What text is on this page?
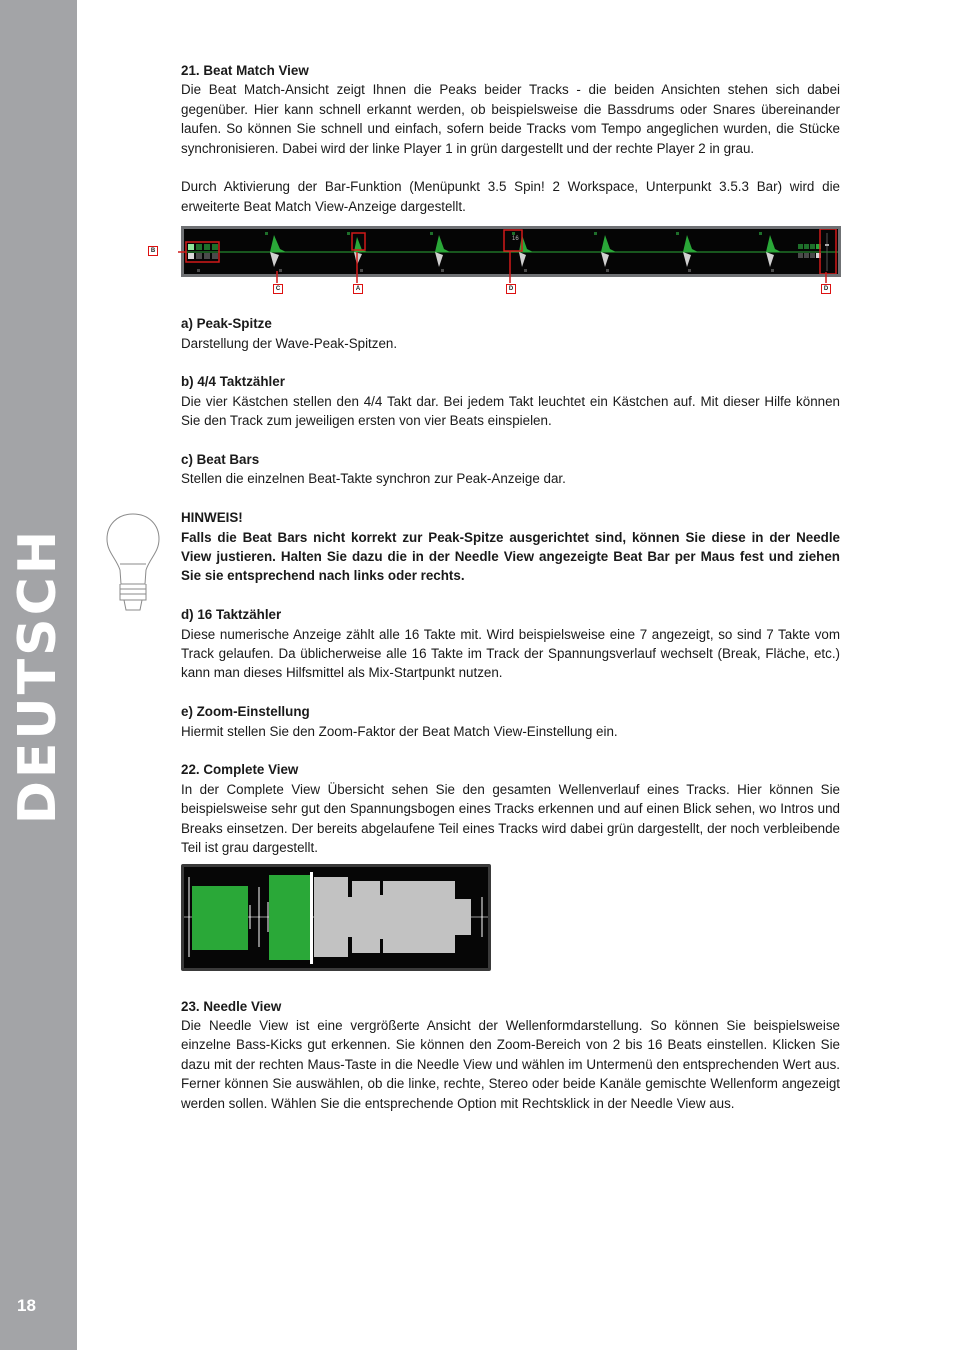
DEUTSCH
18
21. Beat Match View

Die Beat Match-Ansicht zeigt Ihnen die Peaks beider Tracks - die beiden Ansichten stehen sich dabei gegenüber. Hier kann schnell erkannt werden, ob beispielsweise die Bassdrums oder Snares übereinander laufen. So können Sie schnell und einfach, sofern beide Tracks vom Tempo angeglichen wurden, die Stücke synchronisieren. Dabei wird der linke Player 1 in grün dargestellt und der rechte Player 2 in grau.

Durch Aktivierung der Bar-Funktion (Menüpunkt 3.5 Spin! 2 Workspace, Unterpunkt 3.5.3 Bar) wird die erweiterte Beat Match View-Anzeige dargestellt.

16
B
C	A	D	D
a) Peak-Spitze

Darstellung der Wave-Peak-Spitzen.

b) 4/4 Taktzähler

Die vier Kästchen stellen den 4/4 Takt dar. Bei jedem Takt leuchtet ein Kästchen auf. Mit dieser Hilfe können Sie den Track zum jeweiligen ersten von vier Beats einspielen.

c) Beat Bars

Stellen die einzelnen Beat-Takte synchron zur Peak-Anzeige dar.

HINWEIS!

Falls die Beat Bars nicht korrekt zur Peak-Spitze ausgerichtet sind, können Sie diese in der Needle View justieren. Halten Sie dazu die in der Needle View angezeigte Beat Bar per Maus fest und ziehen Sie sie entsprechend nach links oder rechts.

d) 16 Taktzähler

Diese numerische Anzeige zählt alle 16 Takte mit. Wird beispielsweise eine 7 angezeigt, so sind 7 Takte vom Track gelaufen. Da üblicherweise alle 16 Takte im Track der Spannungsverlauf wechselt (Break, Fläche, etc.) kann man dieses Hilfsmittel als Mix-Startpunkt nutzen.

e) Zoom-Einstellung

Hiermit stellen Sie den Zoom-Faktor der Beat Match View-Einstellung ein.

22. Complete View

In der Complete View Übersicht sehen Sie den gesamten Wellenverlauf eines Tracks. Hier können Sie beispielsweise sehr gut den Spannungsbogen eines Tracks erkennen und auf einen Blick sehen, wo Intros und Breaks einsetzen. Der bereits abgelaufene Teil eines Tracks wird dabei grün dargestellt, der noch verbleibende Teil ist grau dargestellt.

23. Needle View

Die Needle View ist eine vergrößerte Ansicht der Wellenformdarstellung. So können Sie beispielsweise einzelne Bass-Kicks gut erkennen. Sie können den Zoom-Bereich von 2 bis 16 Beats einstellen. Klicken Sie dazu mit der rechten Maus-Taste in die Needle View und wählen im Untermenü den entsprechenden Wert aus. Ferner können Sie auswählen, ob die linke, rechte, Stereo oder beide Kanäle gemischte Wellenform angezeigt werden sollen. Wählen Sie die entsprechende Option mit Rechtsklick in der Needle View aus.
